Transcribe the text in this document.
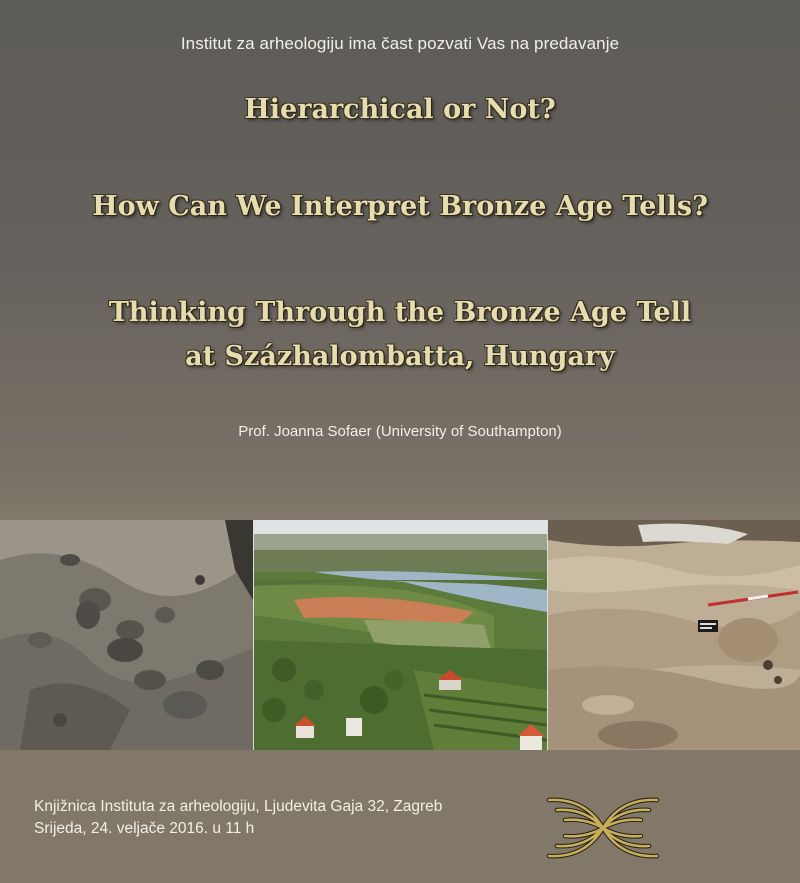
Institut za arheologiju ima čast pozvati Vas na predavanje
Hierarchical or Not?
How Can We Interpret Bronze Age Tells?
Thinking Through the Bronze Age Tell
at Százhalombatta, Hungary
Prof. Joanna Sofaer (University of Southampton)
Knjižnica Instituta za arheologiju, Ljudevita Gaja 32, Zagreb
Srijeda, 24. veljače 2016. u 11 h
